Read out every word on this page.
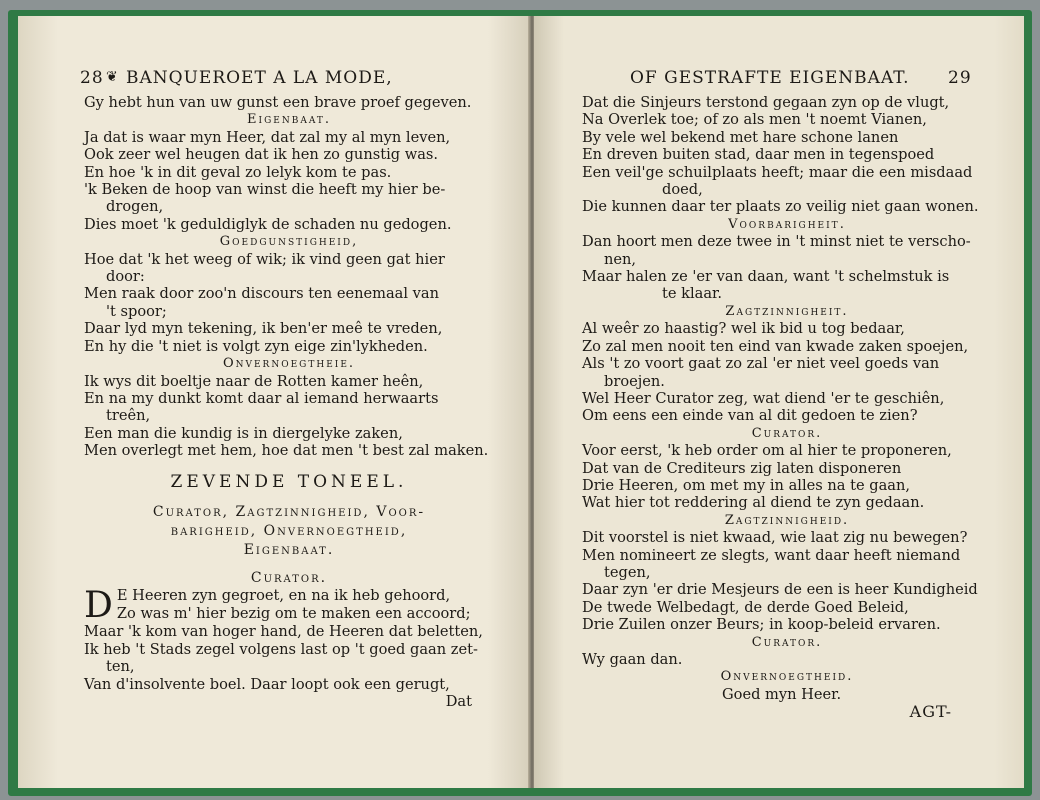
28 ❦ BANQUEROET A LA MODE,
Gy hebt hun van uw gunst een brave proef gegeven.
Eigenbaat.
Ja dat is waar myn Heer, dat zal my al myn leven,
Ook zeer wel heugen dat ik hen zo gunstig was.
En hoe 'k in dit geval zo lelyk kom te pas.
'k Beken de hoop van winst die heeft my hier be-
drogen,
Dies moet 'k geduldiglyk de schaden nu gedogen.
Goedgunstigheid,
Hoe dat 'k het weeg of wik; ik vind geen gat hier
door:
Men raak door zoo'n discours ten eenemaal van
't spoor;
Daar lyd myn tekening, ik ben'er meê te vreden,
En hy die 't niet is volgt zyn eige zin'lykheden.
Onvernoegtheie.
Ik wys dit boeltje naar de Rotten kamer heên,
En na my dunkt komt daar al iemand herwaarts
treên,
Een man die kundig is in diergelyke zaken,
Men overlegt met hem, hoe dat men 't best zal maken.
ZEVENDE TONEEL.
Curator, Zagtzinnigheid, Voor-
barigheid, Onvernoegtheid,
Eigenbaat.
Curator.
D E Heeren zyn gegroet, en na ik heb gehoord,
Zo was m' hier bezig om te maken een accoord;
Maar 'k kom van hoger hand, de Heeren dat beletten,
Ik heb 't Stads zegel volgens last op 't goed gaan zet-
ten,
Van d'insolvente boel. Daar loopt ook een gerugt,
Dat
OF GESTRAFTE EIGENBAAT. 29
Dat die Sinjeurs terstond gegaan zyn op de vlugt,
Na Overlek toe; of zo als men 't noemt Vianen,
By vele wel bekend met hare schone lanen
En dreven buiten stad, daar men in tegenspoed
Een veil'ge schuilplaats heeft; maar die een misdaad
doed,
Die kunnen daar ter plaats zo veilig niet gaan wonen.
Voorbarigheit.
Dan hoort men deze twee in 't minst niet te verscho-
nen,
Maar halen ze 'er van daan, want 't schelmstuk is
te klaar.
Zagtzinnigheit.
Al weêr zo haastig? wel ik bid u tog bedaar,
Zo zal men nooit ten eind van kwade zaken spoejen,
Als 't zo voort gaat zo zal 'er niet veel goeds van
broejen.
Wel Heer Curator zeg, wat diend 'er te geschiên,
Om eens een einde van al dit gedoen te zien?
Curator.
Voor eerst, 'k heb order om al hier te proponeren,
Dat van de Crediteurs zig laten disponeren
Drie Heeren, om met my in alles na te gaan,
Wat hier tot reddering al diend te zyn gedaan.
Zagtzinnigheid.
Dit voorstel is niet kwaad, wie laat zig nu bewegen?
Men nomineert ze slegts, want daar heeft niemand
tegen,
Daar zyn 'er drie Mesjeurs de een is heer Kundigheid
De twede Welbedagt, de derde Goed Beleid,
Drie Zuilen onzer Beurs; in koop-beleid ervaren.
Curator.
Wy gaan dan.
Onvernoegtheid.
Goed myn Heer.
AGT-
